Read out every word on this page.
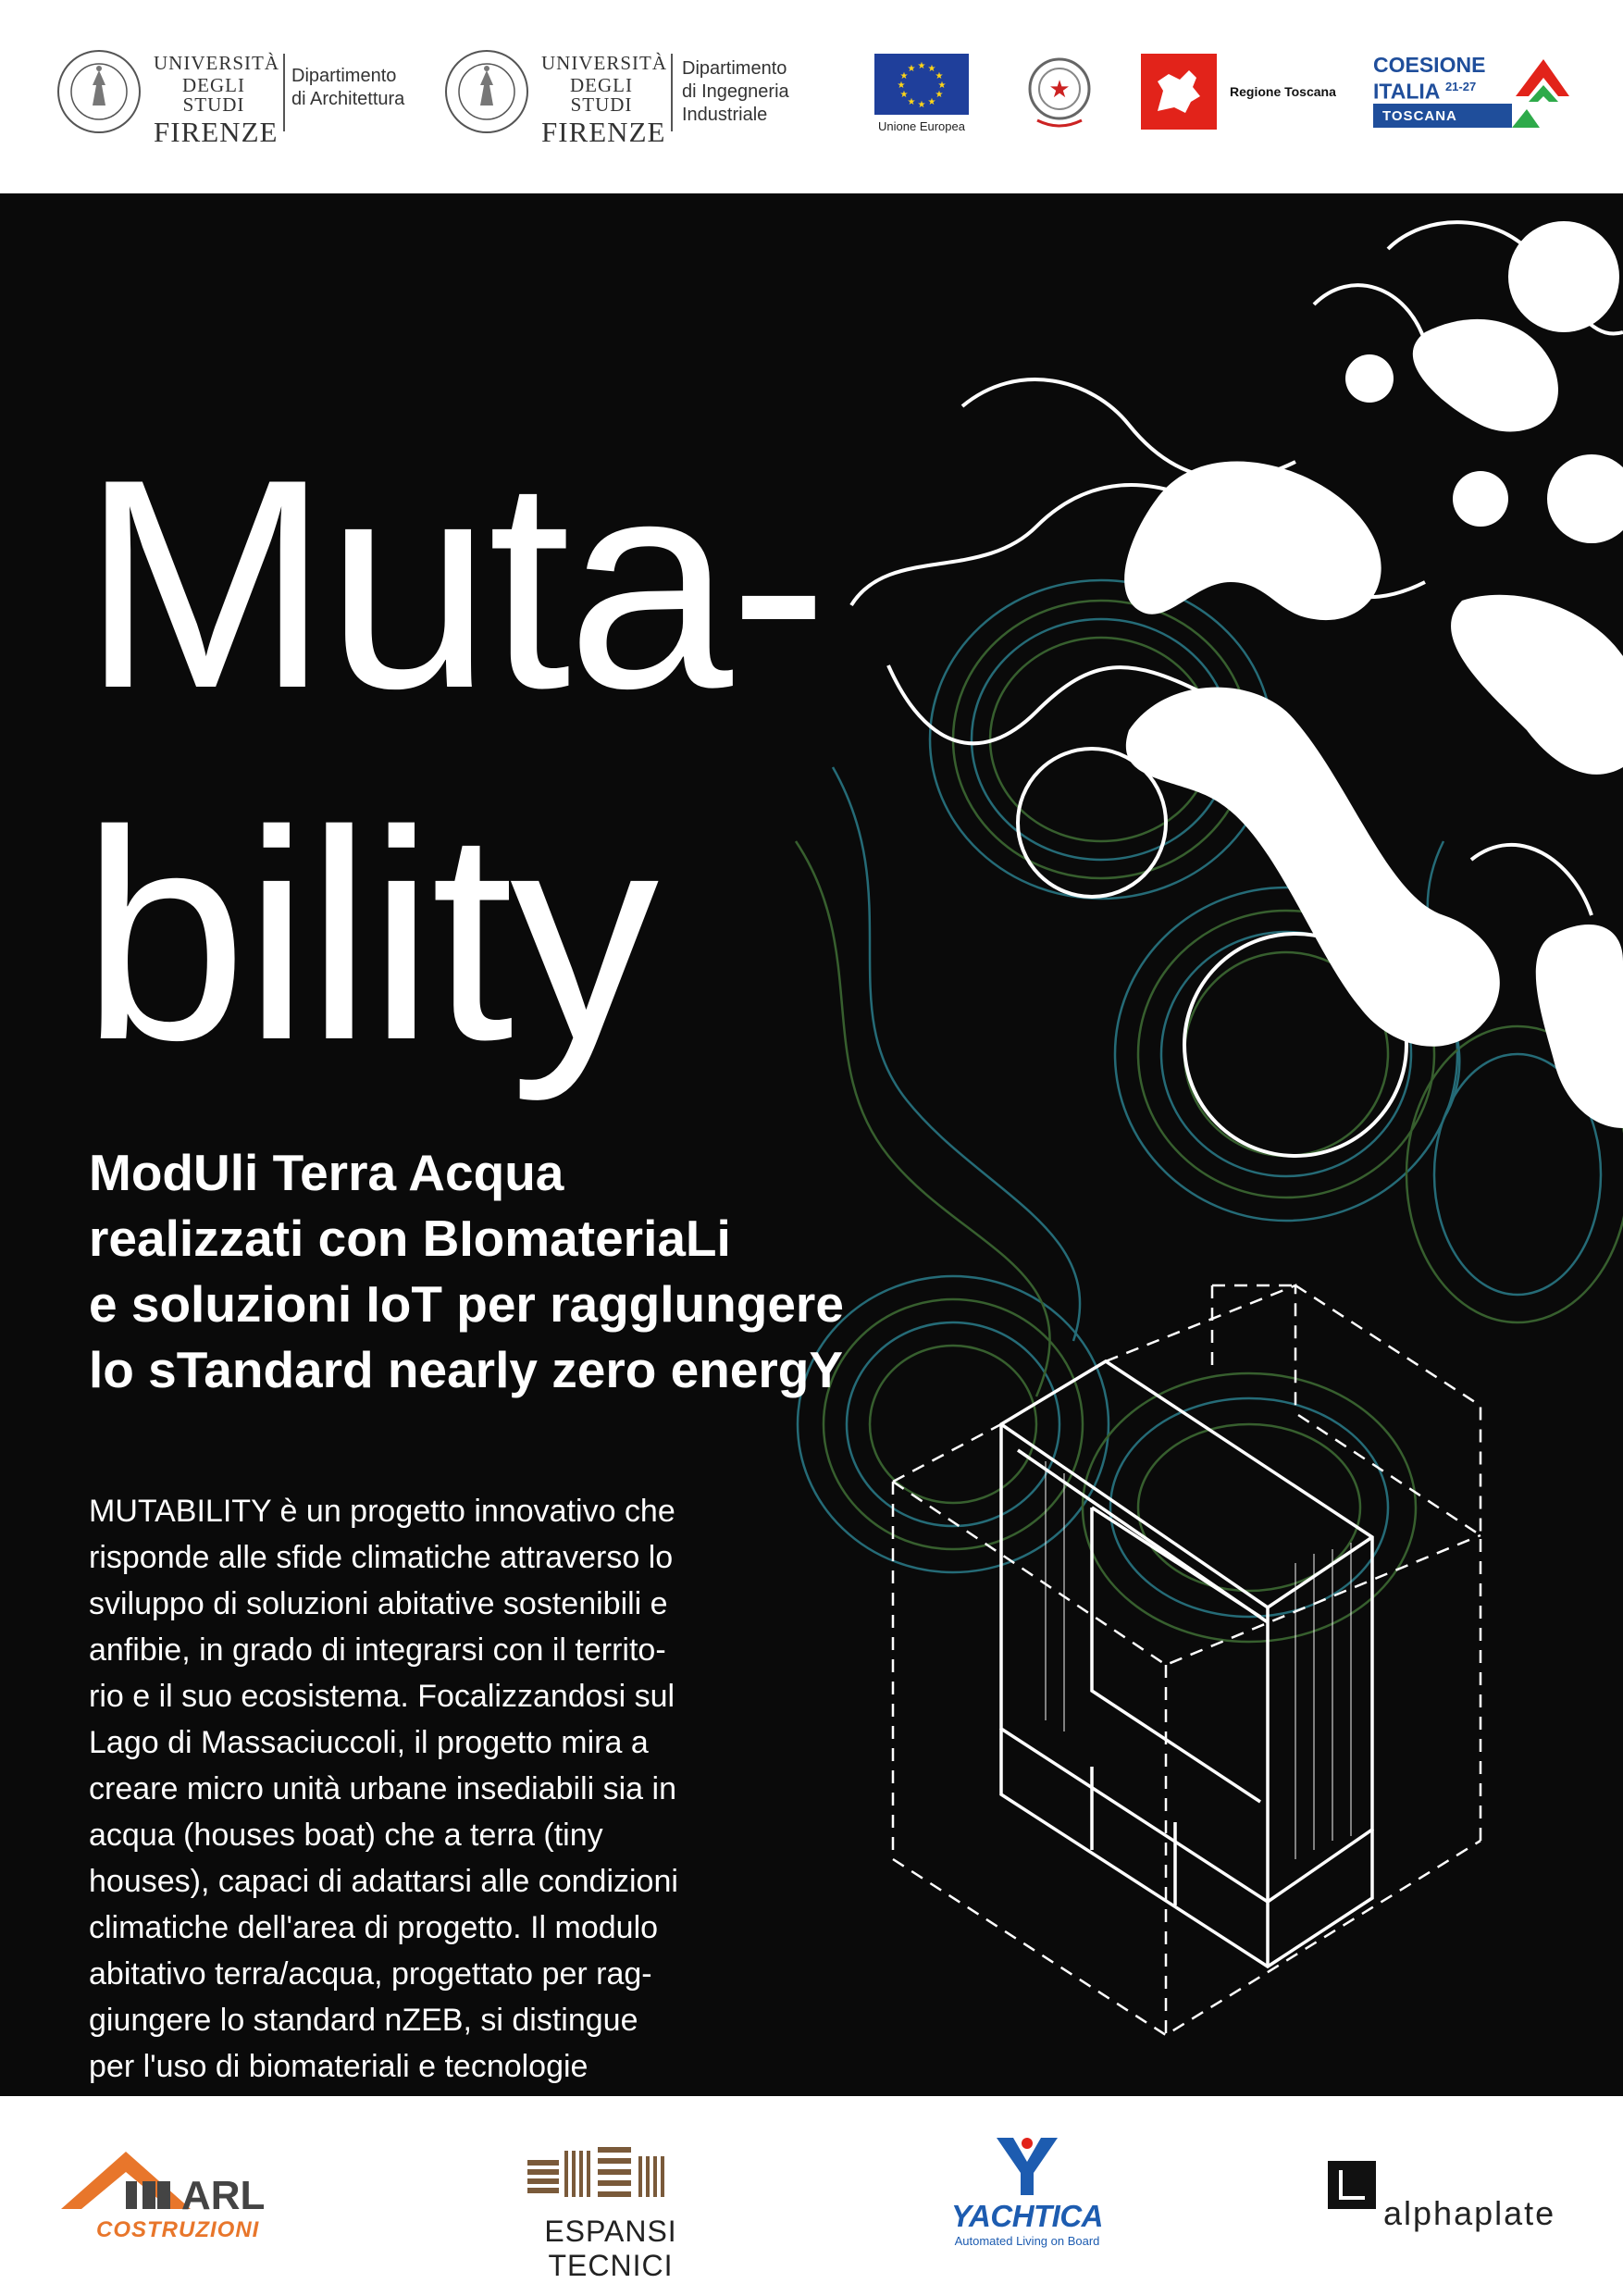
UNIVERSITÀ
DEGLI STUDI
FIRENZE
Dipartimento
di Architettura
UNIVERSITÀ
DEGLI STUDI
FIRENZE
Dipartimento
di Ingegneria
Industriale
★ ★
★
★
★
★
★
★
★
★
★
★
Unione Europea
★	Regione Toscana
COESIONE
ITALIA $^{21-27}$
TOSCANA
Muta-
bility
ModUli Terra Acqua
realizzati con BIomateriaLi
e soluzioni IoT per ragglungere
lo sTandard nearly zero energY

MUTABILITY è un progetto innovativo che
risponde alle sfide climatiche attraverso lo
sviluppo di soluzioni abitative sostenibili e
anfibie, in grado di integrarsi con il territo-
rio e il suo ecosistema. Focalizzandosi sul
Lago di Massaciuccoli, il progetto mira a
creare micro unità urbane insediabili sia in
acqua (houses boat) che a terra (tiny
houses), capaci di adattarsi alle condizioni
climatiche dell'area di progetto. Il modulo
abitativo terra/acqua, progettato per rag-
giungere lo standard nZEB, si distingue
per l'uso di biomateriali e tecnologie

ARL
COSTRUZIONI	ESPANSI TECNICI
YACHTICA
Automated Living on Board
alphaplate
